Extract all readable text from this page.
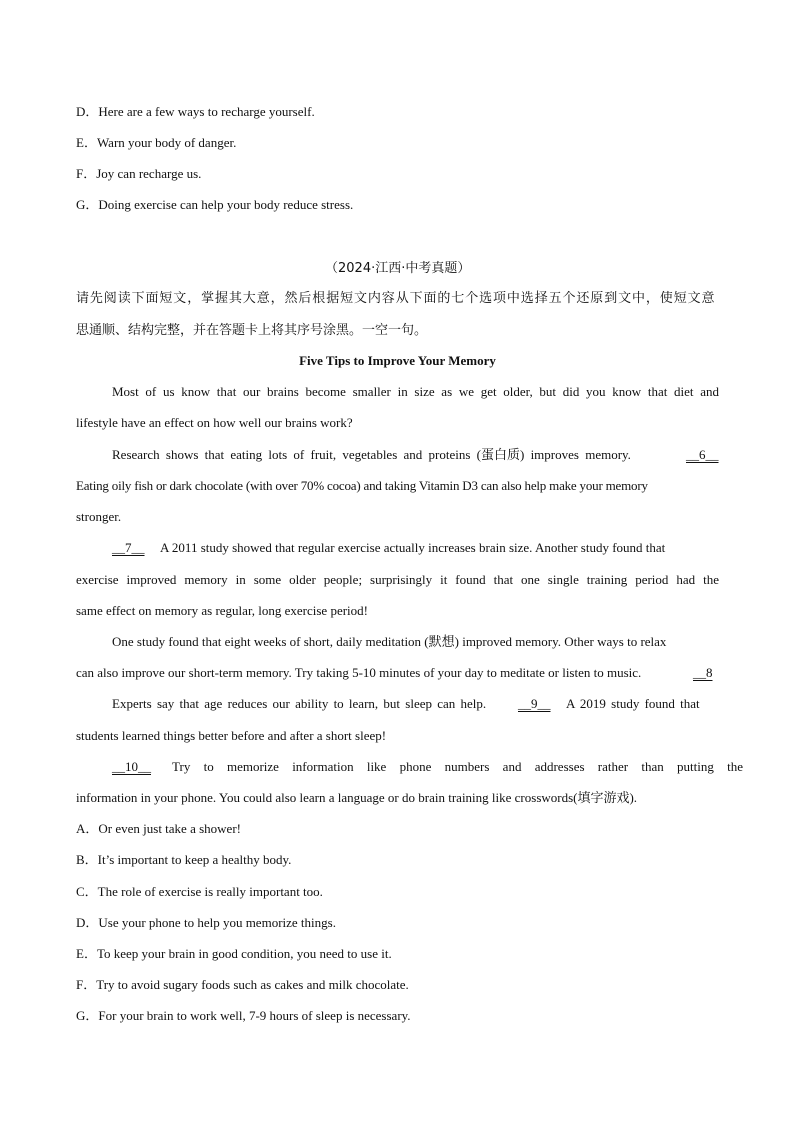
D．Here are a few ways to recharge yourself.
E．Warn your body of danger.
F．Joy can recharge us.
G．Doing exercise can help your body reduce stress.
（2024·江西·中考真题）
请先阅读下面短文，掌握其大意，然后根据短文内容从下面的七个选项中选择五个还原到文中，使短文意
思通顺、结构完整，并在答题卡上将其序号涂黑。一空一句。
Five Tips to Improve Your Memory
Most of us know that our brains become smaller in size as we get older, but did you know that diet and
lifestyle have an effect on how well our brains work?
Research shows that eating lots of fruit, vegetables and proteins (蛋白质) improves memory.	__6__
Eating oily fish or dark chocolate (with over 70% cocoa) and taking Vitamin D3 can also help make your memory
stronger.
__7__ A 2011 study showed that regular exercise actually increases brain size. Another study found that
exercise improved memory in some older people; surprisingly it found that one single training period had the
same effect on memory as regular, long exercise period!
One study found that eight weeks of short, daily meditation (默想) improved memory. Other ways to relax
can also improve our short-term memory. Try taking 5-10 minutes of your day to meditate or listen to music.	__8
Experts say that age reduces our ability to learn, but sleep can help. __9__ A 2019 study found that
students learned things better before and after a short sleep!
__10__ Try to memorize information like phone numbers and addresses rather than putting the
information in your phone. You could also learn a language or do brain training like crosswords(填字游戏).
A．Or even just take a shower!
B．It’s important to keep a healthy body.
C．The role of exercise is really important too.
D．Use your phone to help you memorize things.
E．To keep your brain in good condition, you need to use it.
F．Try to avoid sugary foods such as cakes and milk chocolate.
G．For your brain to work well, 7-9 hours of sleep is necessary.
